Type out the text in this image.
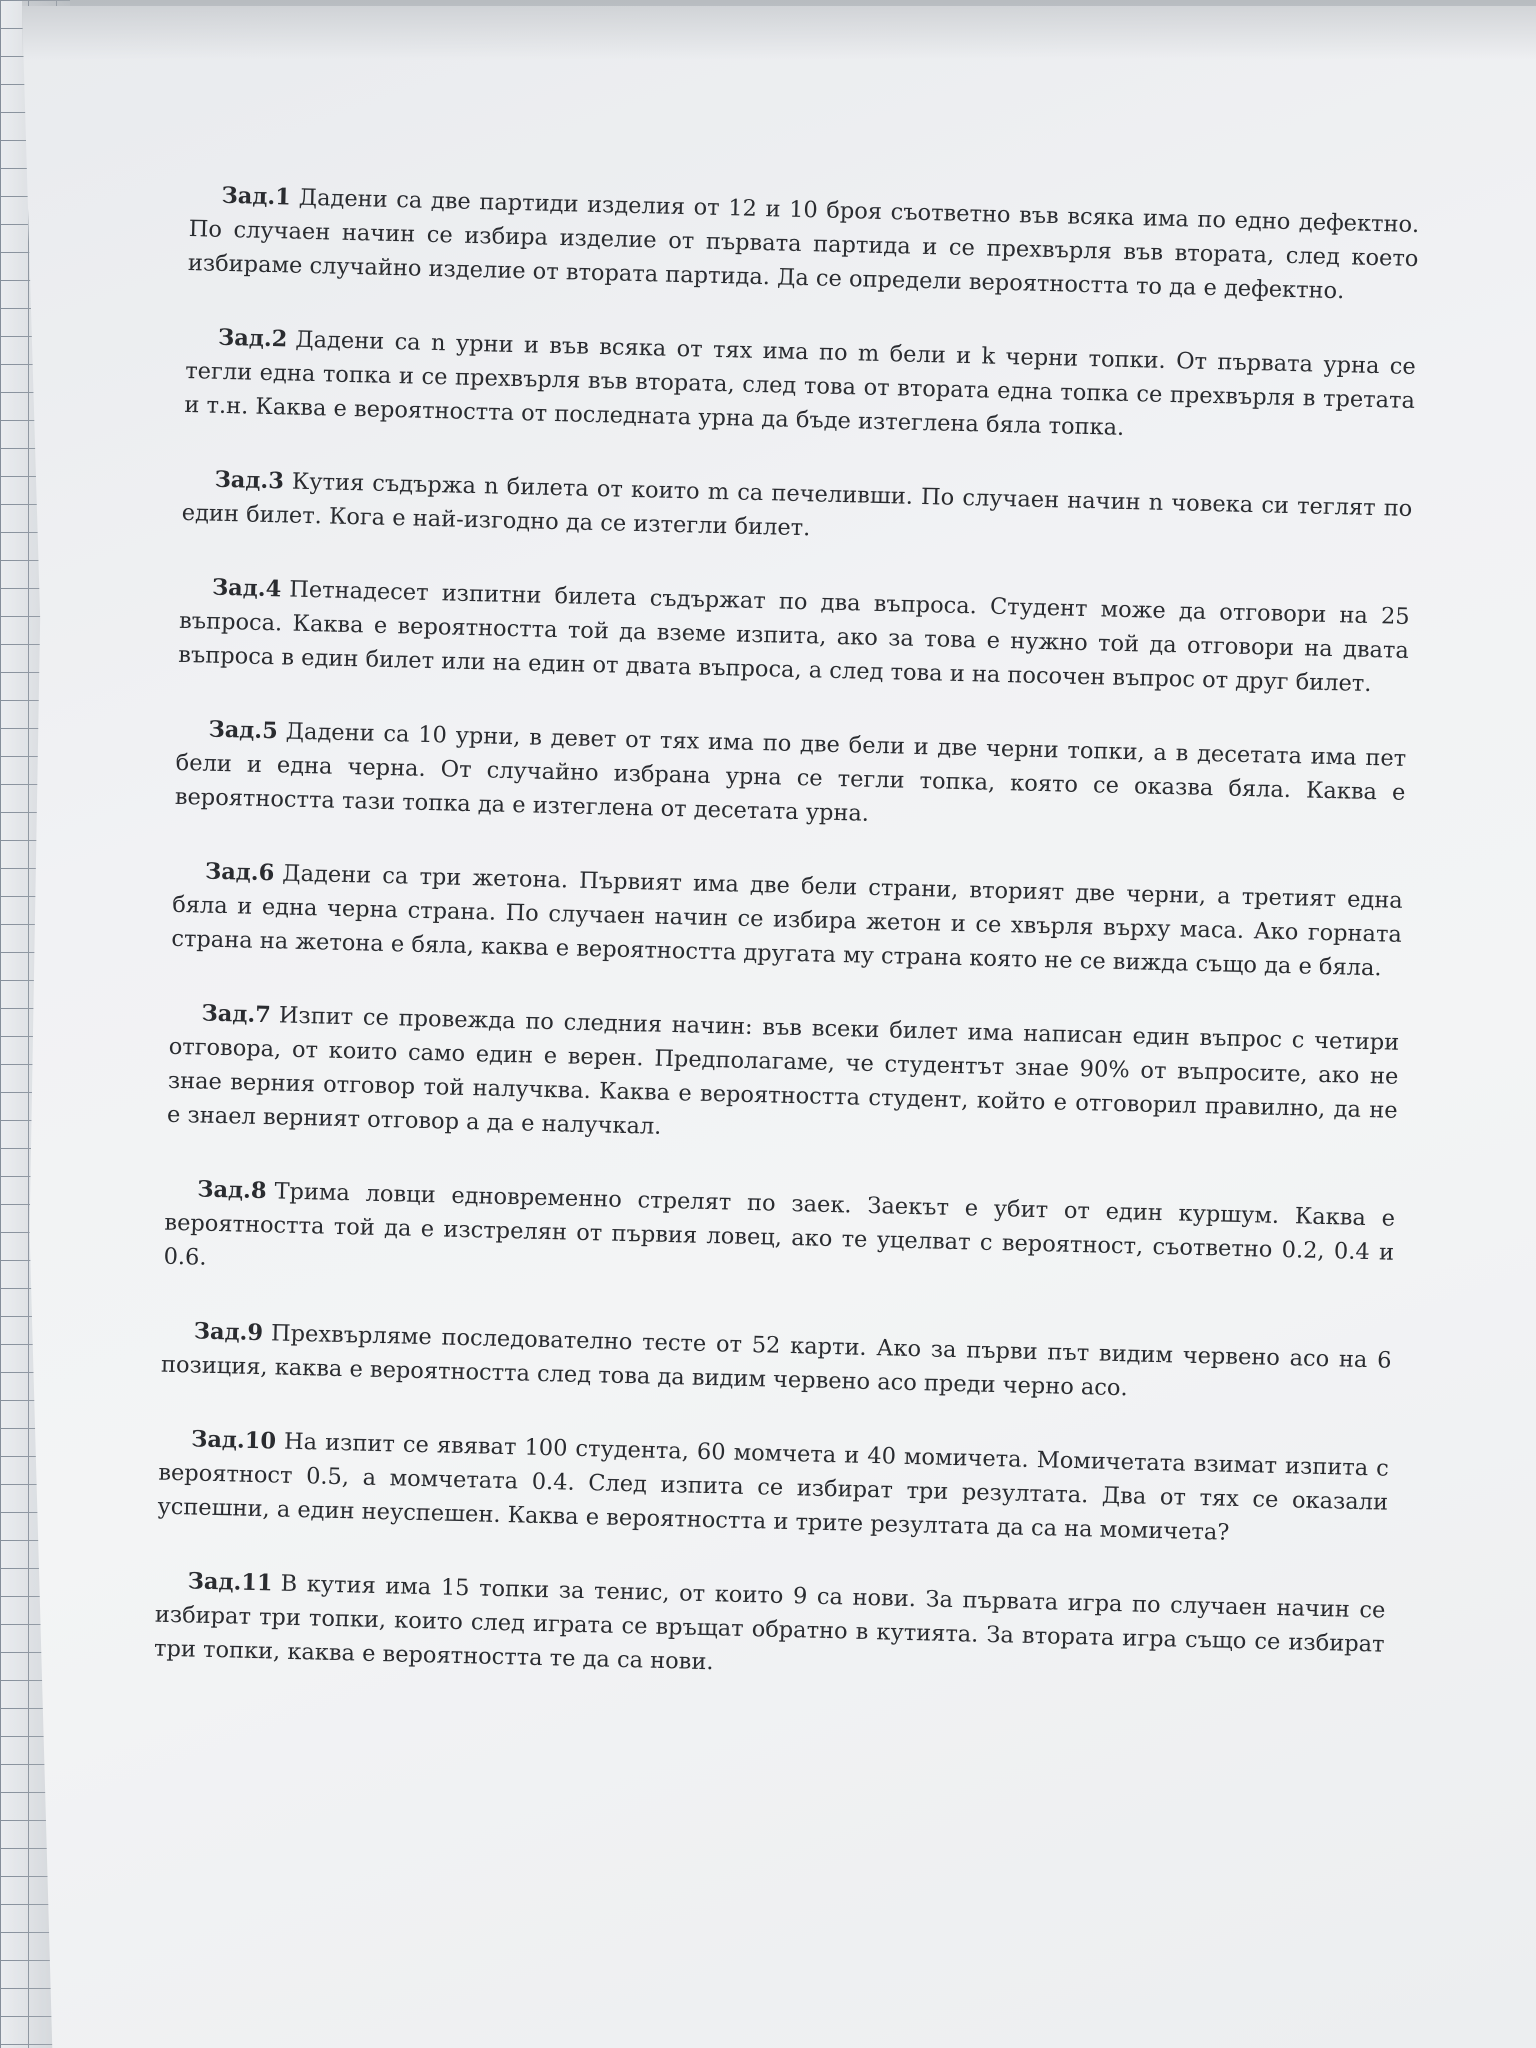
Зад.1 Дадени са две партиди изделия от 12 и 10 броя съответно във всяка има по едно дефектно. По случаен начин се избира изделие от първата партида и се прехвърля във втората, след което избираме случайно изделие от втората партида. Да се определи вероятността то да е дефектно.

Зад.2 Дадени са n урни и във всяка от тях има по m бели и k черни топки. От първата урна се тегли една топка и се прехвърля във втората, след това от втората една топка се прехвърля в третата и т.н. Каква е вероятността от последната урна да бъде изтеглена бяла топка.

Зад.3 Кутия съдържа n билета от които m са печеливши. По случаен начин n човека си теглят по един билет. Кога е най-изгодно да се изтегли билет.

Зад.4 Петнадесет изпитни билета съдържат по два въпроса. Студент може да отговори на 25 въпроса. Каква е вероятността той да вземе изпита, ако за това е нужно той да отговори на двата въпроса в един билет или на един от двата въпроса, а след това и на посочен въпрос от друг билет.

Зад.5 Дадени са 10 урни, в девет от тях има по две бели и две черни топки, а в десетата има пет бели и една черна. От случайно избрана урна се тегли топка, която се оказва бяла. Каква е вероятността тази топка да е изтеглена от десетата урна.

Зад.6 Дадени са три жетона. Първият има две бели страни, вторият две черни, а третият една бяла и една черна страна. По случаен начин се избира жетон и се хвърля върху маса. Ако горната страна на жетона е бяла, каква е вероятността другата му страна която не се вижда също да е бяла.

Зад.7 Изпит се провежда по следния начин: във всеки билет има написан един въпрос с четири отговора, от които само един е верен. Предполагаме, че студентът знае 90% от въпросите, ако не знае верния отговор той налучква. Каква е вероятността студент, който е отговорил правилно, да не е знаел верният отговор а да е налучкал.

Зад.8 Трима ловци едновременно стрелят по заек. Заекът е убит от един куршум. Каква е вероятността той да е изстрелян от първия ловец, ако те уцелват с вероятност, съответно 0.2, 0.4 и 0.6.

Зад.9 Прехвърляме последователно тесте от 52 карти. Ако за първи път видим червено асо на 6 позиция, каква е вероятността след това да видим червено асо преди черно асо.

Зад.10 На изпит се явяват 100 студента, 60 момчета и 40 момичета. Момичетата взимат изпита с вероятност 0.5, а момчетата 0.4. След изпита се избират три резултата. Два от тях се оказали успешни, а един неуспешен. Каква е вероятността и трите резултата да са на момичета?

Зад.11 В кутия има 15 топки за тенис, от които 9 са нови. За първата игра по случаен начин се избират три топки, които след играта се връщат обратно в кутията. За втората игра също се избират три топки, каква е вероятността те да са нови.
